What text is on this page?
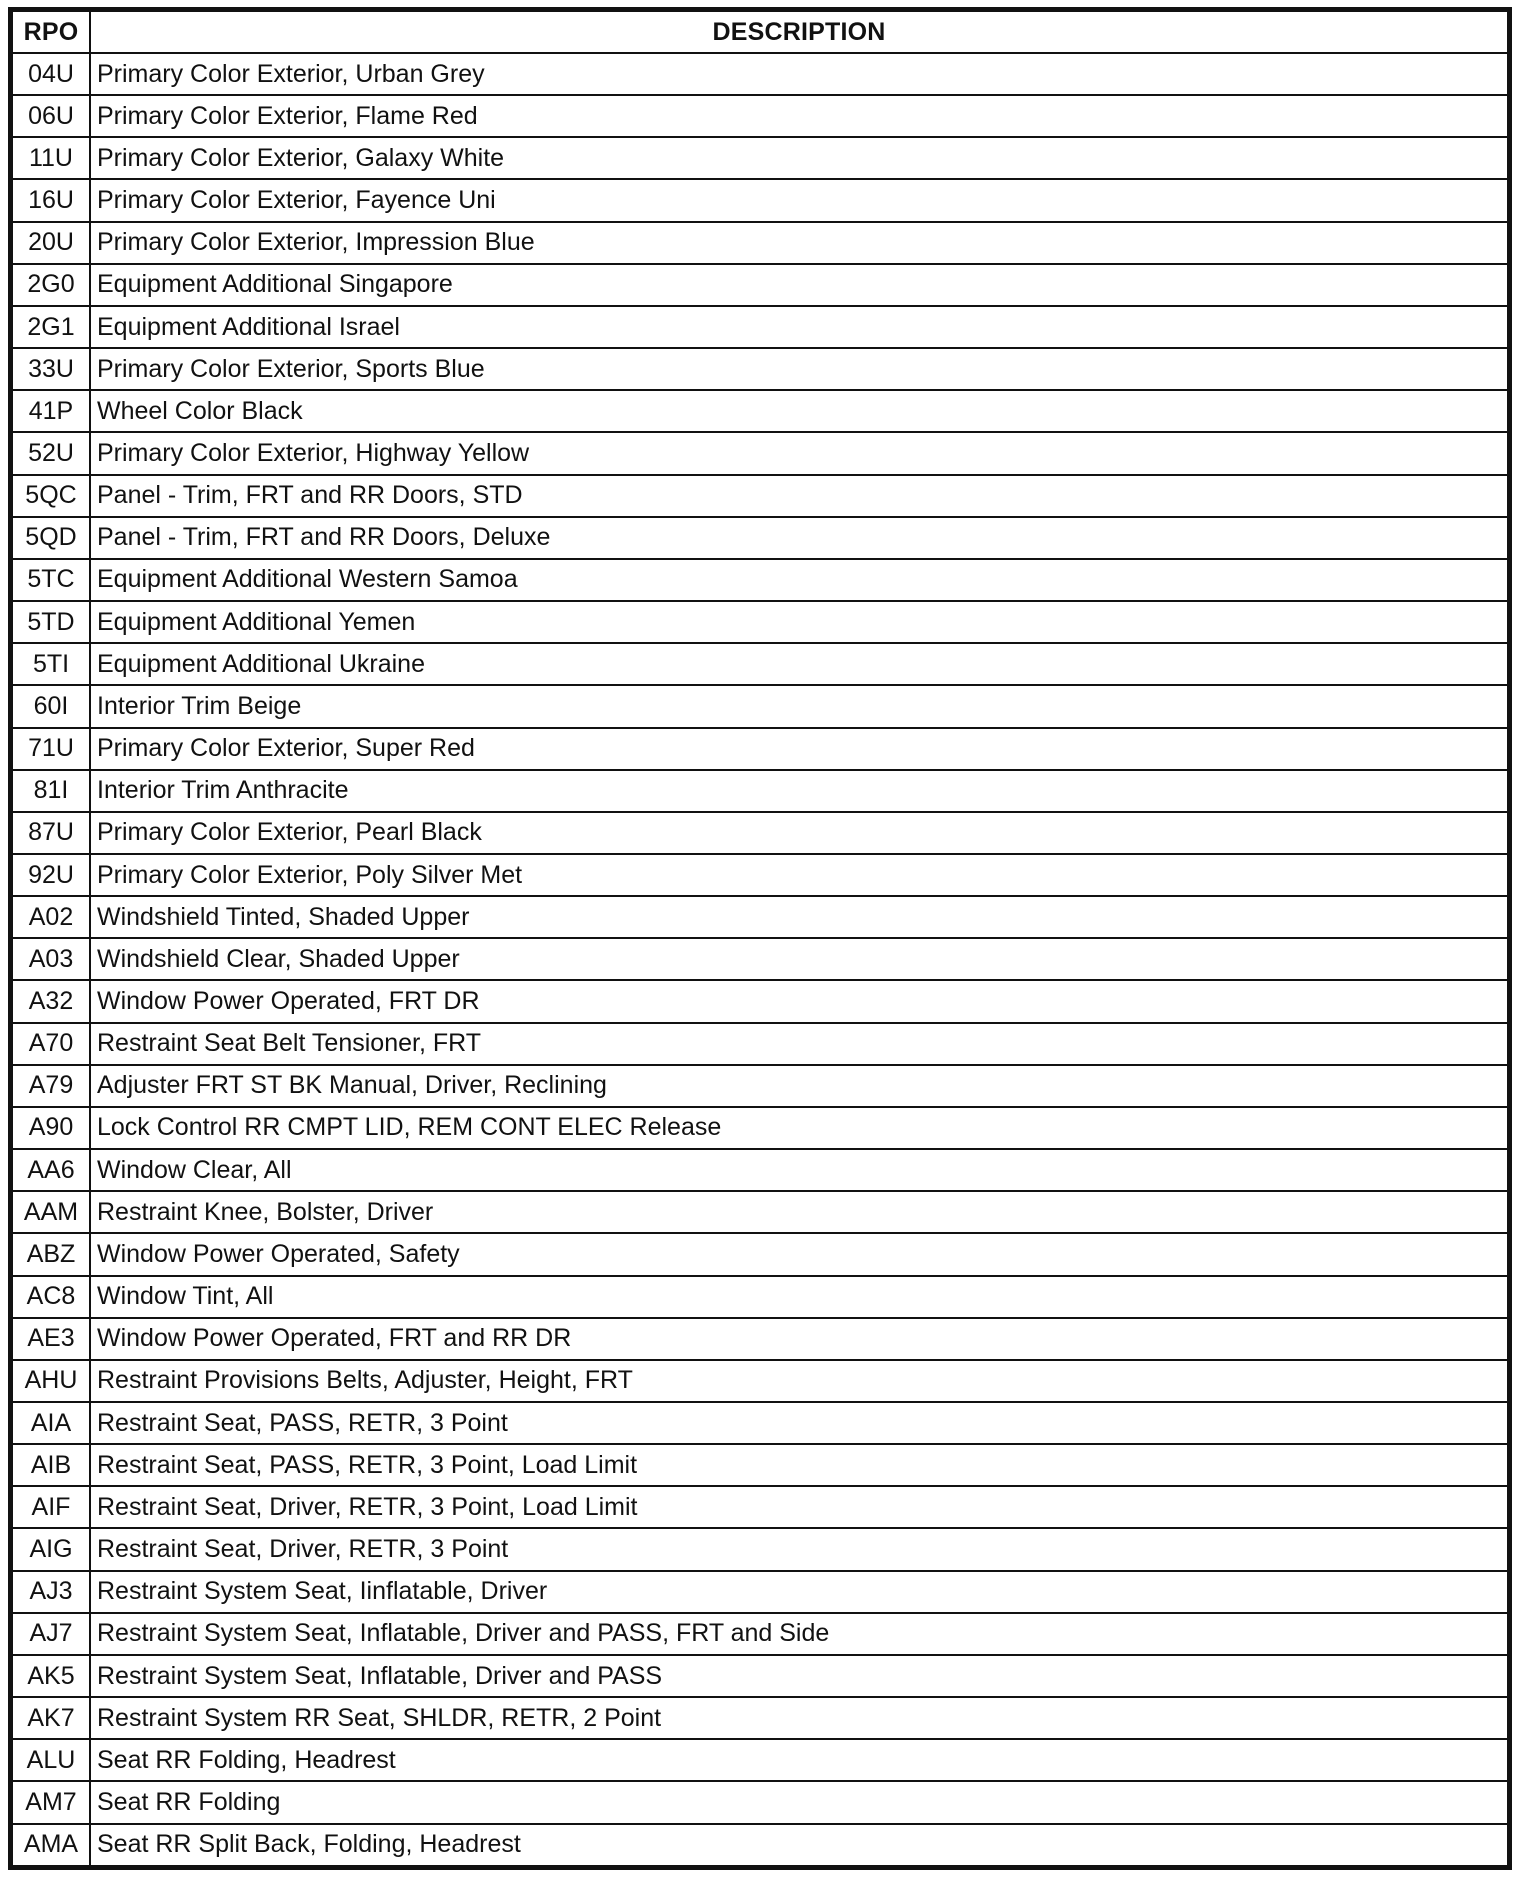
RPO	DESCRIPTION
04U	Primary Color Exterior, Urban Grey
06U	Primary Color Exterior, Flame Red
11U	Primary Color Exterior, Galaxy White
16U	Primary Color Exterior, Fayence Uni
20U	Primary Color Exterior, Impression Blue
2G0	Equipment Additional Singapore
2G1	Equipment Additional Israel
33U	Primary Color Exterior, Sports Blue
41P	Wheel Color Black
52U	Primary Color Exterior, Highway Yellow
5QC	Panel - Trim, FRT and RR Doors, STD
5QD	Panel - Trim, FRT and RR Doors, Deluxe
5TC	Equipment Additional Western Samoa
5TD	Equipment Additional Yemen
5TI	Equipment Additional Ukraine
60I	Interior Trim Beige
71U	Primary Color Exterior, Super Red
81I	Interior Trim Anthracite
87U	Primary Color Exterior, Pearl Black
92U	Primary Color Exterior, Poly Silver Met
A02	Windshield Tinted, Shaded Upper
A03	Windshield Clear, Shaded Upper
A32	Window Power Operated, FRT DR
A70	Restraint Seat Belt Tensioner, FRT
A79	Adjuster FRT ST BK Manual, Driver, Reclining
A90	Lock Control RR CMPT LID, REM CONT ELEC Release
AA6	Window Clear, All
AAM	Restraint Knee, Bolster, Driver
ABZ	Window Power Operated, Safety
AC8	Window Tint, All
AE3	Window Power Operated, FRT and RR DR
AHU	Restraint Provisions Belts, Adjuster, Height, FRT
AIA	Restraint Seat, PASS, RETR, 3 Point
AIB	Restraint Seat, PASS, RETR, 3 Point, Load Limit
AIF	Restraint Seat, Driver, RETR, 3 Point, Load Limit
AIG	Restraint Seat, Driver, RETR, 3 Point
AJ3	Restraint System Seat, Iinflatable, Driver
AJ7	Restraint System Seat, Inflatable, Driver and PASS, FRT and Side
AK5	Restraint System Seat, Inflatable, Driver and PASS
AK7	Restraint System RR Seat, SHLDR, RETR, 2 Point
ALU	Seat RR Folding, Headrest
AM7	Seat RR Folding
AMA	Seat RR Split Back, Folding, Headrest
